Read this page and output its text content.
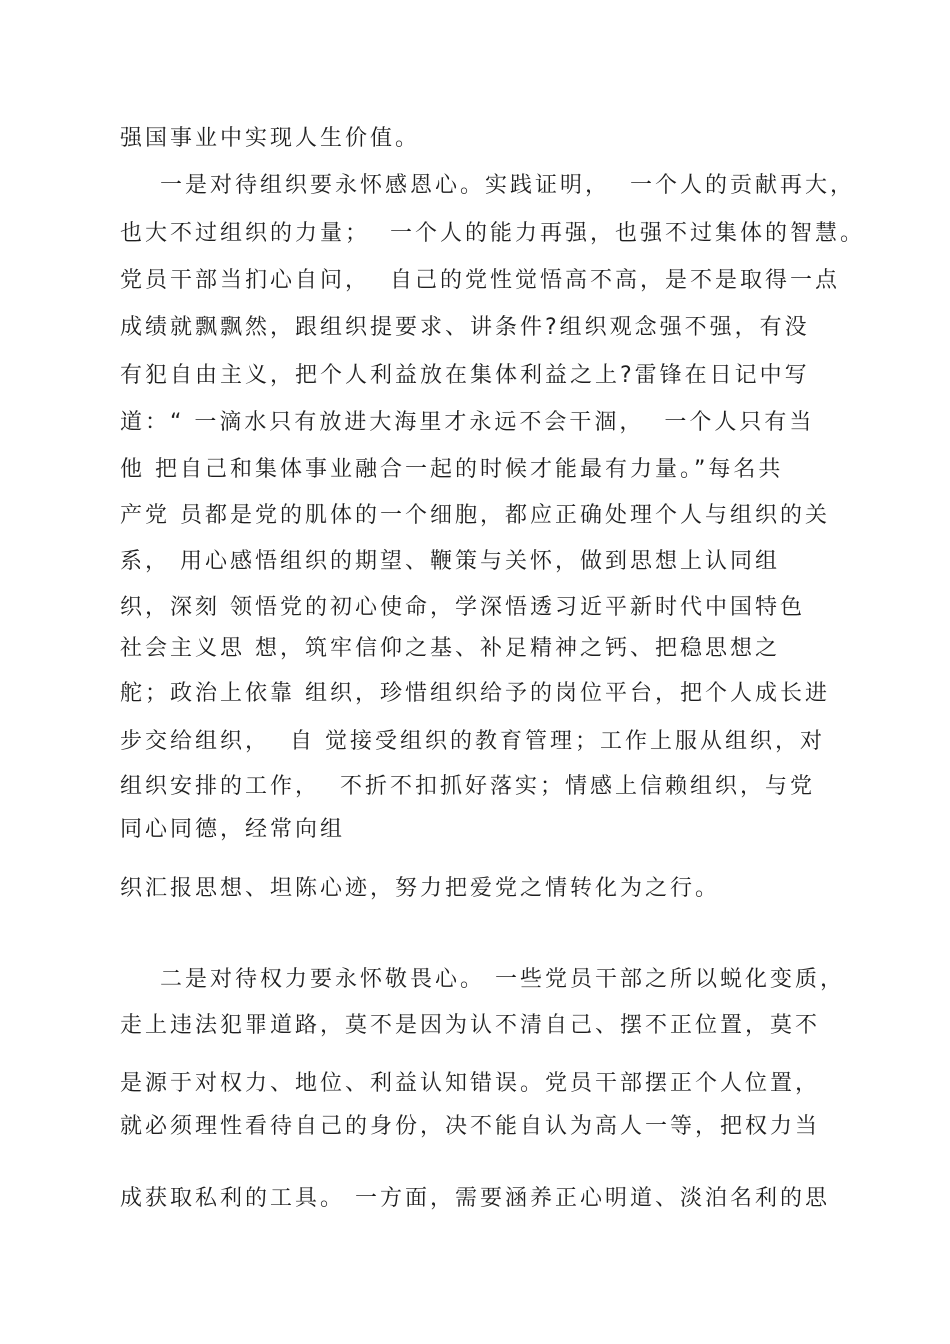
强国事业中实现人生价值。
一是对待组织要永怀感恩心。实践证明，  一个人的贡献再大，
也大不过组织的力量；  一个人的能力再强，也强不过集体的智慧。
党员干部当扪心自问，  自己的党性觉悟高不高，是不是取得一点
成绩就飘飘然，跟组织提要求、讲条件?组织观念强不强，有没
有犯自由主义，把个人利益放在集体利益之上?雷锋在日记中写
道：“ 一滴水只有放进大海里才永远不会干涸，  一个人只有当
他 把自己和集体事业融合一起的时候才能最有力量。”每名共
产党 员都是党的肌体的一个细胞，都应正确处理个人与组织的关
系， 用心感悟组织的期望、鞭策与关怀，做到思想上认同组
织，深刻 领悟党的初心使命，学深悟透习近平新时代中国特色
社会主义思 想，筑牢信仰之基、补足精神之钙、把稳思想之
舵；政治上依靠 组织，珍惜组织给予的岗位平台，把个人成长进
步交给组织，  自 觉接受组织的教育管理；工作上服从组织，对
组织安排的工作，  不折不扣抓好落实；情感上信赖组织，与党
同心同德，经常向组
织汇报思想、坦陈心迹，努力把爱党之情转化为之行。
二是对待权力要永怀敬畏心。 一些党员干部之所以蜕化变质，
走上违法犯罪道路，莫不是因为认不清自己、摆不正位置，莫不
是源于对权力、地位、利益认知错误。党员干部摆正个人位置，
就必须理性看待自己的身份，决不能自认为高人一等，把权力当
成获取私利的工具。 一方面，需要涵养正心明道、淡泊名利的思
